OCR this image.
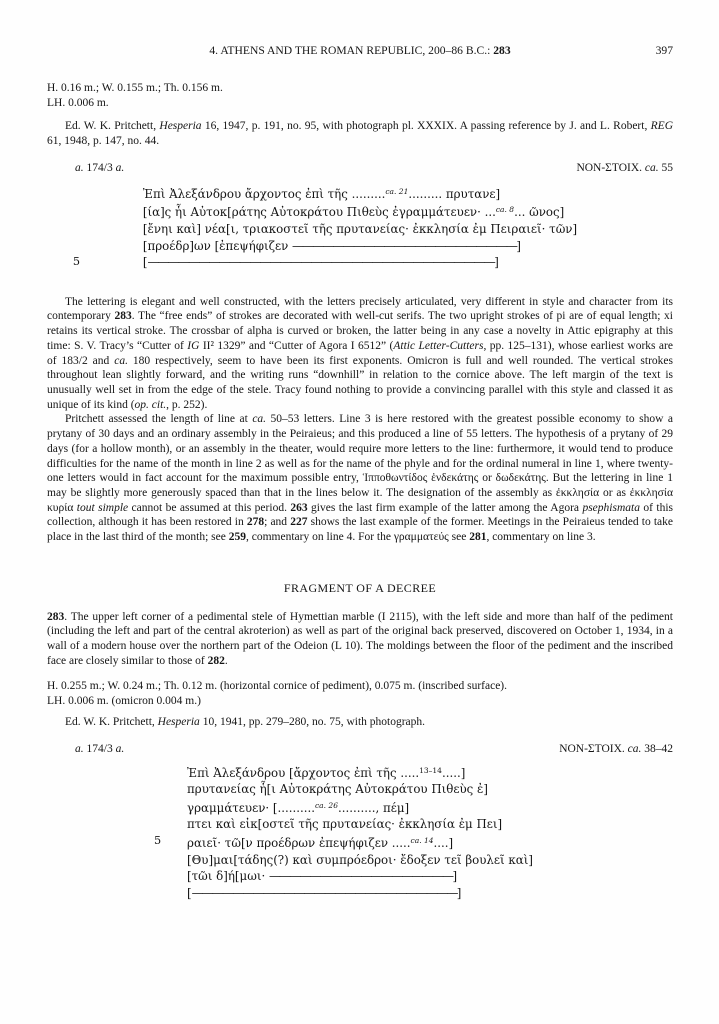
4. ATHENS AND THE ROMAN REPUBLIC, 200–86 B.C.: 283	397
H. 0.16 m.; W. 0.155 m.; Th. 0.156 m.
LH. 0.006 m.

Ed. W. K. Pritchett, Hesperia 16, 1947, p. 191, no. 95, with photograph pl. XXXIX. A passing reference by J. and L. Robert, REG 61, 1948, p. 147, no. 44.

a. 174/3 a.	ΝΟΝ-ΣΤΟΙΧ. ca. 55
Ἐπὶ Ἀλεξάνδρου ἄρχοντος ἐπὶ τῆς .........$^{ca. 21}$......... πρυτανε]
[ία]ς ἧι Αὐτοκ[ράτης Αὐτοκράτου Πιθεὺς ἐγραμμάτευεν· ...$^{ca. 8}$... ῶνος]
[ἔνηι καὶ] νέα[ι, τριακοστεῖ τῆς πρυτανείας· ἐκκλησία ἐμ Πειραιεῖ· τῶν]
[προέδρ]ων [ἐπεψήφιζεν ——————————————————————]
5	[——————————————————————————————————]

The lettering is elegant and well constructed, with the letters precisely articulated, very different in style and character from its contemporary 283. The “free ends” of strokes are decorated with well-cut serifs. The two upright strokes of pi are of equal length; xi retains its vertical stroke. The crossbar of alpha is curved or broken, the latter being in any case a novelty in Attic epigraphy at this time: S. V. Tracy’s “Cutter of IG II² 1329” and “Cutter of Agora I 6512” (Attic Letter-Cutters, pp. 125–131), whose earliest works are of 183/2 and ca. 180 respectively, seem to have been its first exponents. Omicron is full and well rounded. The vertical strokes throughout lean slightly forward, and the writing runs “downhill” in relation to the cornice above. The left margin of the text is unusually well set in from the edge of the stele. Tracy found nothing to provide a convincing parallel with this style and classed it as unique of its kind (op. cit., p. 252).

Pritchett assessed the length of line at ca. 50–53 letters. Line 3 is here restored with the greatest possible economy to show a prytany of 30 days and an ordinary assembly in the Peiraieus; and this produced a line of 55 letters. The hypothesis of a prytany of 29 days (for a hollow month), or an assembly in the theater, would require more letters to the line: furthermore, it would tend to produce difficulties for the name of the month in line 2 as well as for the name of the phyle and for the ordinal numeral in line 1, where twenty-one letters would in fact account for the maximum possible entry, Ἱπποθωντίδος ἑνδεκάτης or δωδεκάτης. But the lettering in line 1 may be slightly more generously spaced than that in the lines below it. The designation of the assembly as ἐκκλησία or as ἐκκλησία κυρία tout simple cannot be assumed at this period. 263 gives the last firm example of the latter among the Agora psephismata of this collection, although it has been restored in 278; and 227 shows the last example of the former. Meetings in the Peiraieus tended to take place in the last third of the month; see 259, commentary on line 4. For the γραμματεύς see 281, commentary on line 3.

FRAGMENT OF A DECREE

283. The upper left corner of a pedimental stele of Hymettian marble (I 2115), with the left side and more than half of the pediment (including the left and part of the central akroterion) as well as part of the original back preserved, discovered on October 1, 1934, in a wall of a modern house over the northern part of the Odeion (L 10). The moldings between the floor of the pediment and the inscribed face are closely similar to those of 282.

H. 0.255 m.; W. 0.24 m.; Th. 0.12 m. (horizontal cornice of pediment), 0.075 m. (inscribed surface).
LH. 0.006 m. (omicron 0.004 m.)

Ed. W. K. Pritchett, Hesperia 10, 1941, pp. 279–280, no. 75, with photograph.

a. 174/3 a.	ΝΟΝ-ΣΤΟΙΧ. ca. 38–42
Ἐπὶ Ἀλεξάνδρου [ἄρχοντος ἐπὶ τῆς .....$^{13-14}$.....]
πρυτανείας ἧ[ι Αὐτοκράτης Αὐτοκράτου Πιθεὺς ἐ]
γραμμάτευεν· [..........$^{ca. 26}$.........., πέμ]
πτει καὶ εἰκ[οστεῖ τῆς πρυτανείας· ἐκκλησία ἐμ Πει]
5 ραιεῖ· τῶ[ν προέδρων ἐπεψήφιζεν .....$^{ca. 14}$....]
[Θυ]μαι[τάδης(?) καὶ συμπρόεδροι· ἔδοξεν τεῖ βουλεῖ καὶ]
[τῶι δ]ή[μωι· ——————————————————]
[——————————————————————————]
